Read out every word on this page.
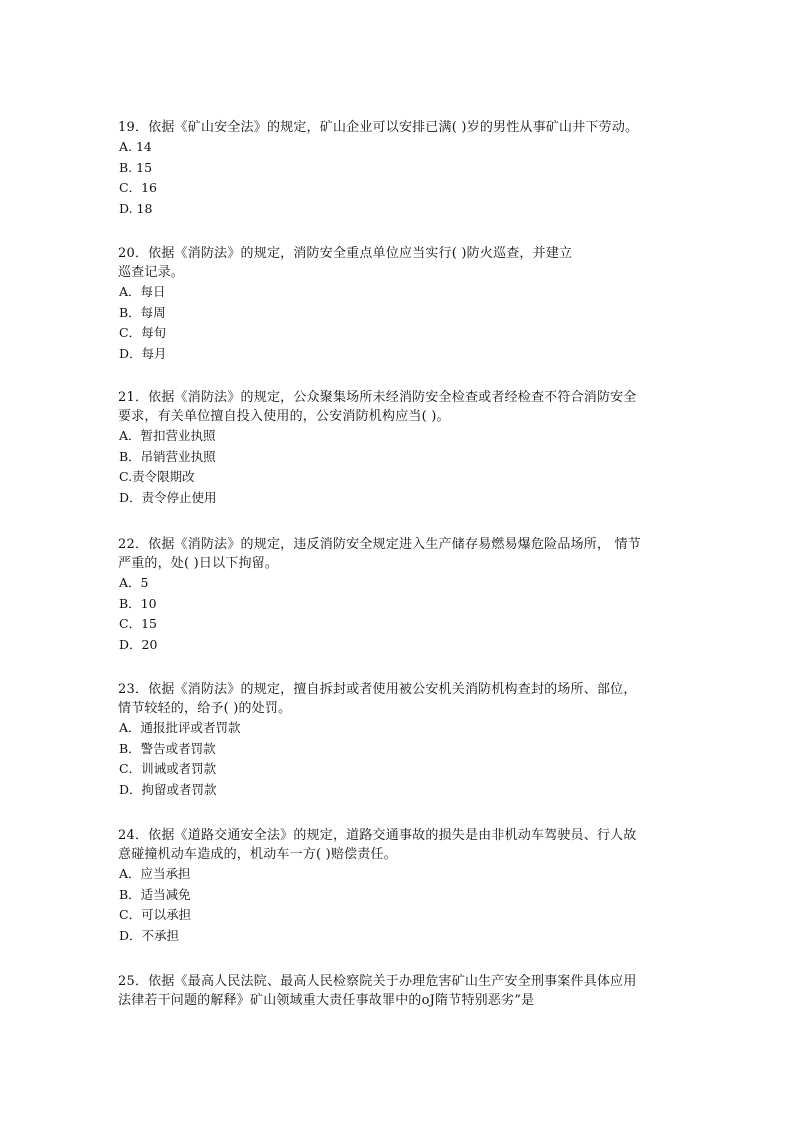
19．依据《矿山安全法》的规定，矿山企业可以安排已满( )岁的男性从事矿山井下劳动。
A. 14
B. 15
C．16
D. 18
20．依据《消防法》的规定，消防安全重点单位应当实行( )防火巡查，并建立
巡查记录。
A．每日
B．每周
C．每旬
D．每月
21．依据《消防法》的规定，公众聚集场所未经消防安全检查或者经检查不符合消防安全
要求，有关单位擅自投入使用的，公安消防机构应当( )。
A．暂扣营业执照
B．吊销营业执照
C.责令限期改
D．责令停止使用
22．依据《消防法》的规定，违反消防安全规定进入生产储存易燃易爆危险品场所， 情节
严重的，处( )日以下拘留。
A．5
B．10
C．15
D．20
23．依据《消防法》的规定，擅自拆封或者使用被公安机关消防机构查封的场所、部位，
情节较轻的，给予( )的处罚。
A．通报批评或者罚款
B．警告或者罚款
C．训诫或者罚款
D．拘留或者罚款
24．依据《道路交通安全法》的规定，道路交通事故的损失是由非机动车驾驶员、行人故
意碰撞机动车造成的，机动车一方( )赔偿责任。
A．应当承担
B．适当减免
C．可以承担
D．不承担
25．依据《最高人民法院、最高人民检察院关于办理危害矿山生产安全刑事案件具体应用
法律若干问题的解释》矿山领域重大责任事故罪中的oJ隋节特别恶劣”是
